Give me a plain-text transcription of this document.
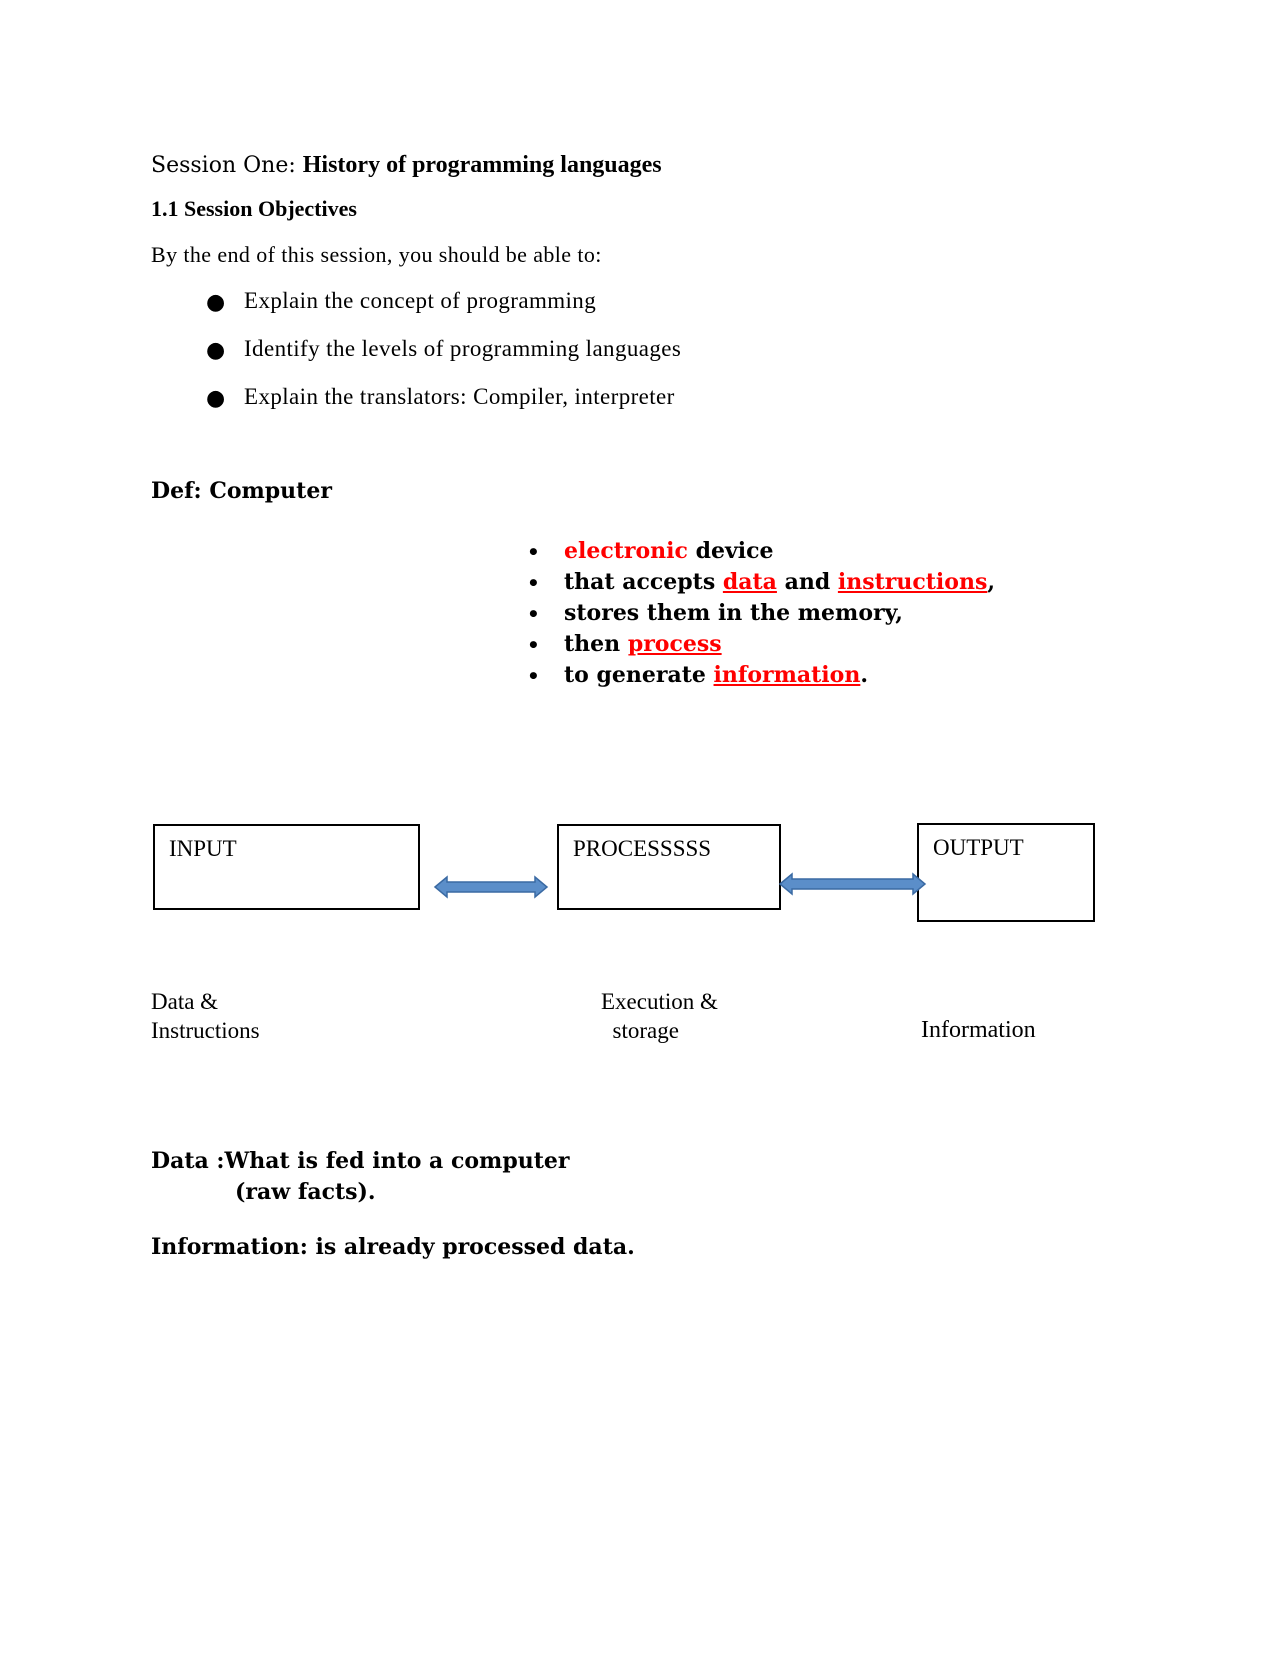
Session One: History of programming languages
1.1 Session Objectives
By the end of this session, you should be able to:
● Explain the concept of programming
● Identify the levels of programming languages
● Explain the translators: Compiler, interpreter
Def: Computer
• electronic device
• that accepts data and instructions,
• stores them in the memory,
• then process
• to generate information.
INPUT	PROCESSSSS	OUTPUT
Data &
Instructions
Execution &
storage	Information
Data :What is fed into a computer
(raw facts).
Information: is already processed data.
